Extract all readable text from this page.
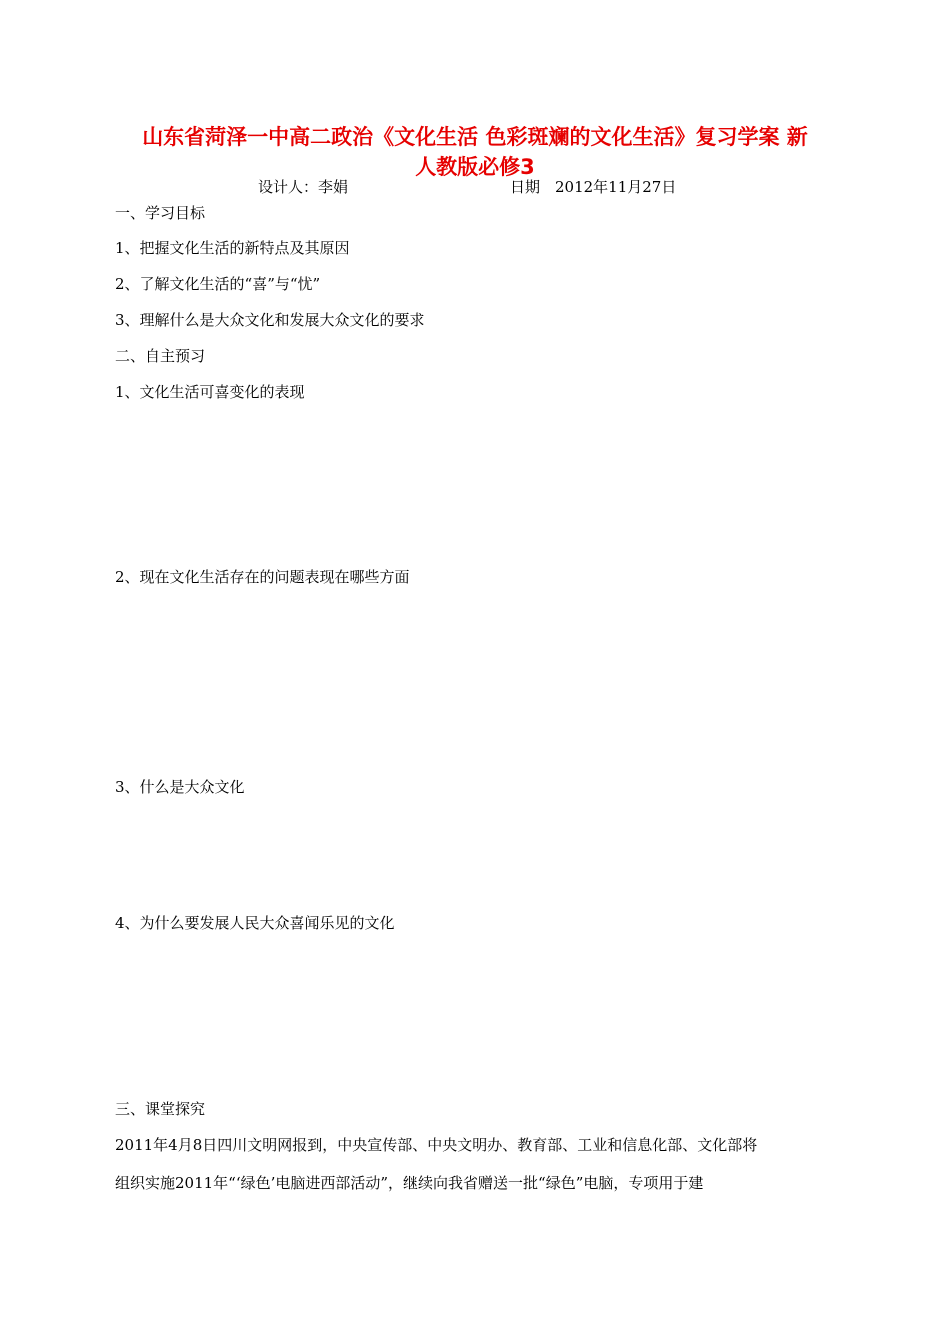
山东省菏泽一中高二政治《文化生活 色彩斑斓的文化生活》复习学案 新
人教版必修3
设计人：李娟	日期　2012年11月27日
一、学习目标
1、把握文化生活的新特点及其原因
2、了解文化生活的“喜”与“忧”
3、理解什么是大众文化和发展大众文化的要求
二、自主预习
1、文化生活可喜变化的表现
2、现在文化生活存在的问题表现在哪些方面
3、什么是大众文化
4、为什么要发展人民大众喜闻乐见的文化
三、课堂探究
2011年4月8日四川文明网报到，中央宣传部、中央文明办、教育部、工业和信息化部、文化部将
组织实施2011年“‘绿色’电脑进西部活动”，继续向我省赠送一批“绿色”电脑，专项用于建
